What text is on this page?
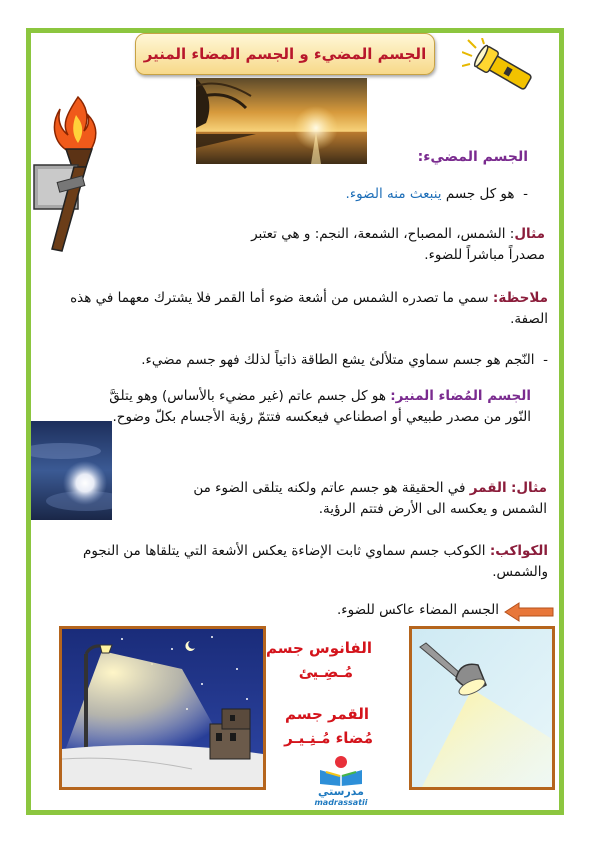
الجسم المضيء و الجسم المضاء المنير
الجسم المضيء:
-  هو كل جسم ينبعث منه الضوء.
مثال: الشمس، المصباح، الشمعة، النجم: و هي تعتبر مصدراً مباشراً للضوء.
ملاحظة: سمي ما تصدره الشمس من أشعة ضوء أما القمر فلا يشترك معهما في هذه الصفة.
-  النّجم هو جسم سماوي متلألئ يشع الطاقة ذاتياً لذلك فهو جسم مضيء.
الجسم المُضاء المنير: هو كل جسم عاتم (غير مضيء بالأساس) وهو يتلقَّ النّور من مصدر طبيعي أو اصطناعي فيعكسه فتتمّ رؤية الأجسام بكلّ وضوح.
مثال: القمر في الحقيقة هو جسم عاتم ولكنه يتلقى الضوء من الشمس و يعكسه الى الأرض فتتم الرؤية.
الكواكب: الكوكب جسم سماوي ثابت الإضاءة يعكس الأشعة التي يتلقاها من النجوم والشمس.
الجسم المضاء عاكس للضوء.
الفانوس جسم
مُـضِـيئ
القمر جسم
مُضاء مُـنِـيـر
مدرستي
madrassatii
